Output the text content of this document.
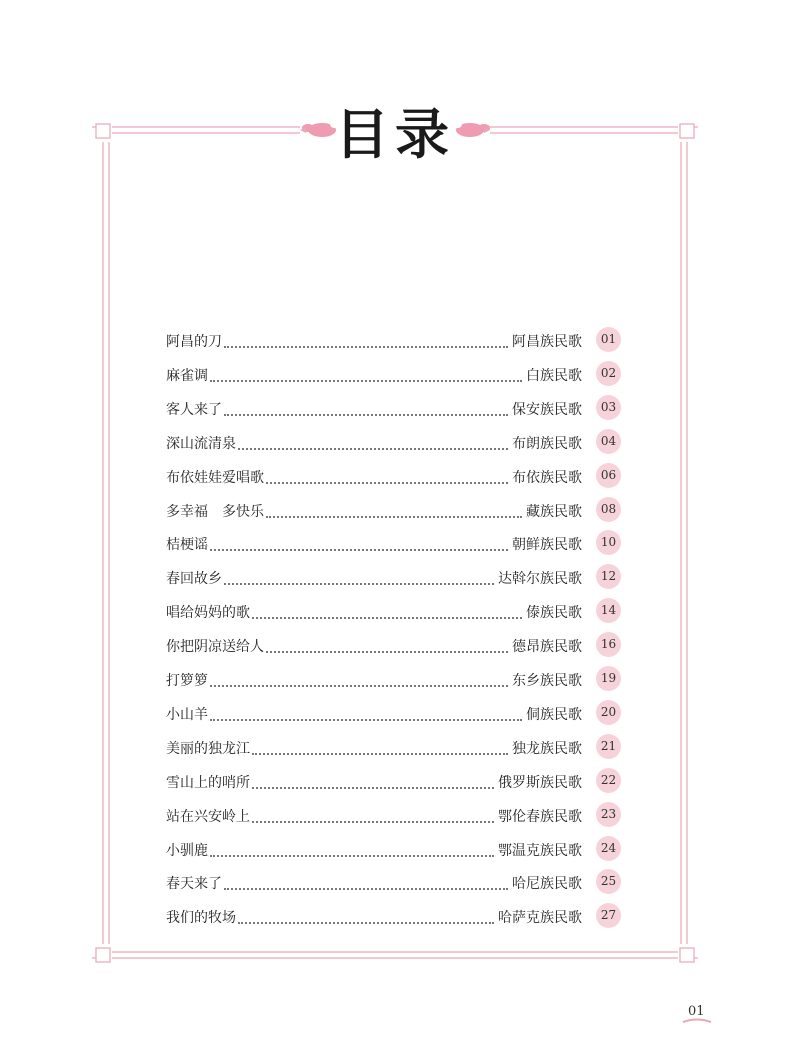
目录
阿昌的刀	阿昌族民歌	01
麻雀调	白族民歌	02
客人来了	保安族民歌	03
深山流清泉	布朗族民歌	04
布依娃娃爱唱歌	布依族民歌	06
多幸福　多快乐	藏族民歌	08
桔梗谣	朝鲜族民歌	10
春回故乡	达斡尔族民歌	12
唱给妈妈的歌	傣族民歌	14
你把阴凉送给人	德昂族民歌	16
打箩箩	东乡族民歌	19
小山羊	侗族民歌	20
美丽的独龙江	独龙族民歌	21
雪山上的哨所	俄罗斯族民歌	22
站在兴安岭上	鄂伦春族民歌	23
小驯鹿	鄂温克族民歌	24
春天来了	哈尼族民歌	25
我们的牧场	哈萨克族民歌	27
01
